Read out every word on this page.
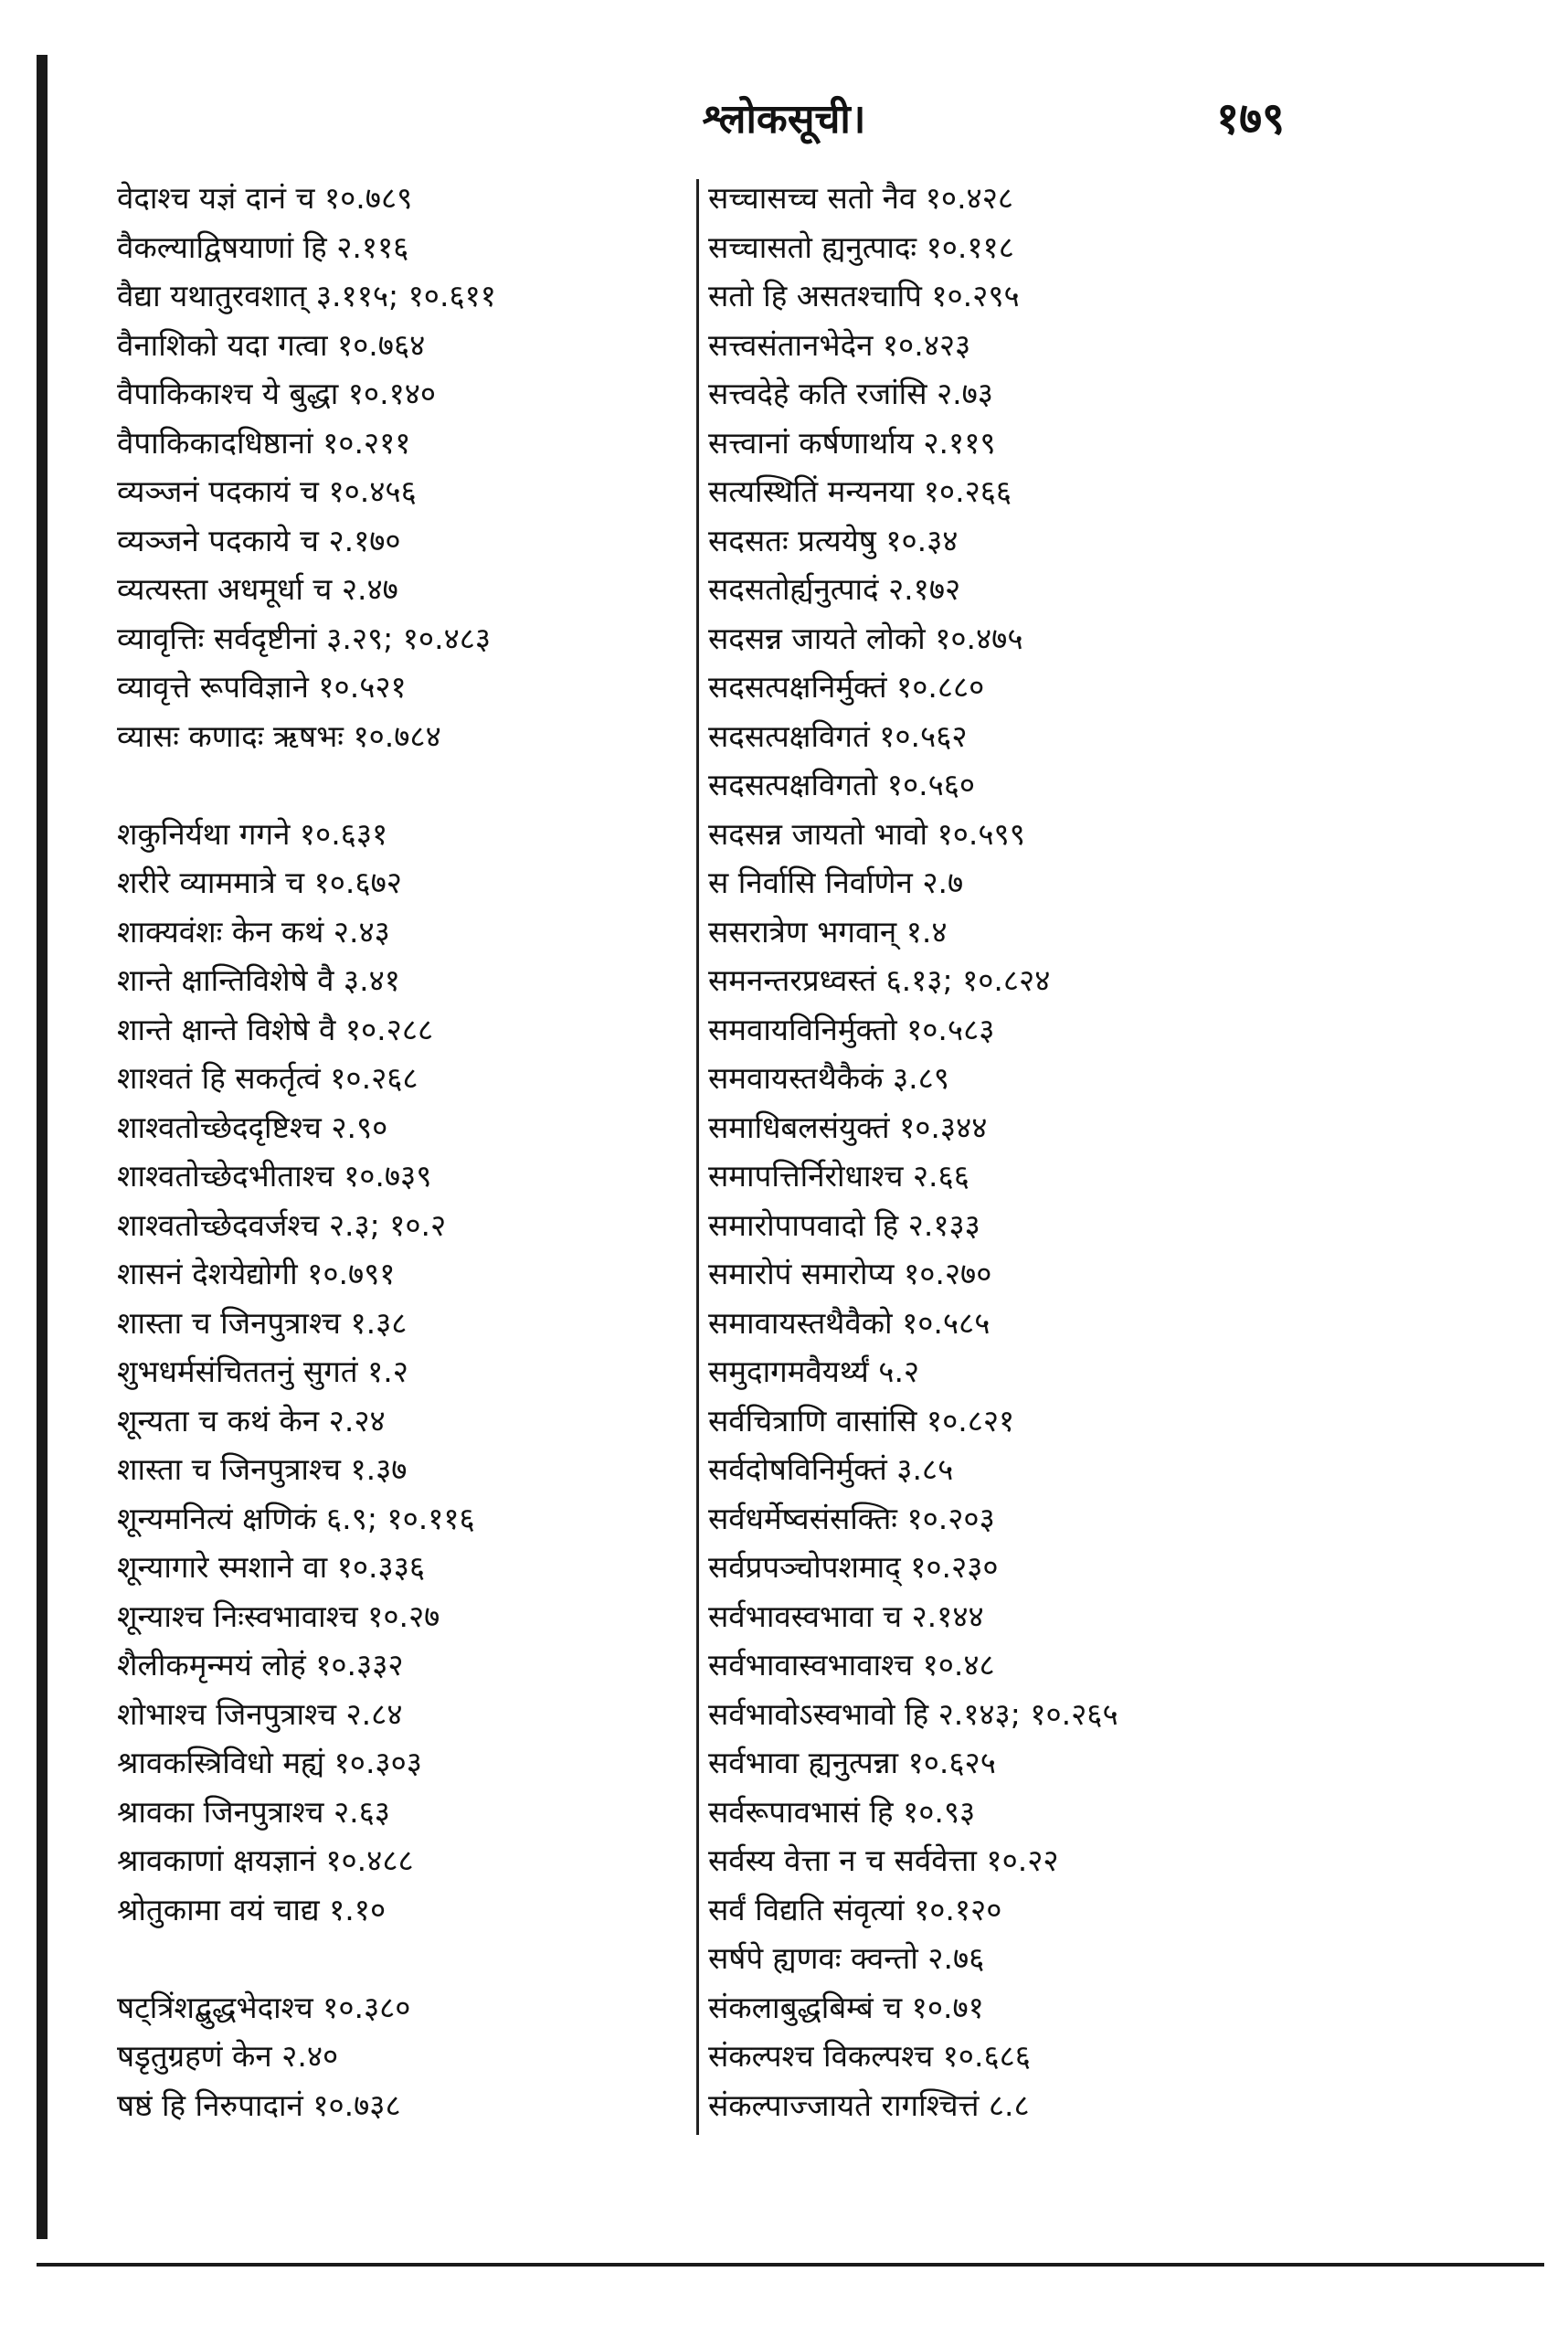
श्लोकसूची।	१७९
वेदाश्च यज्ञं दानं च १०.७८९
वैकल्याद्विषयाणां हि २.११६
वैद्या यथातुरवशात् ३.११५; १०.६११
वैनाशिको यदा गत्वा १०.७६४
वैपाकिकाश्च ये बुद्धा १०.१४०
वैपाकिकादधिष्ठानां १०.२११
व्यञ्जनं पदकायं च १०.४५६
व्यञ्जने पदकाये च २.१७०
व्यत्यस्ता अधमूर्धा च २.४७
व्यावृत्तिः सर्वदृष्टीनां ३.२९; १०.४८३
व्यावृत्ते रूपविज्ञाने १०.५२१
व्यासः कणादः ऋषभः १०.७८४
शकुनिर्यथा गगने १०.६३१
शरीरे व्याममात्रे च १०.६७२
शाक्यवंशः केन कथं २.४३
शान्ते क्षान्तिविशेषे वै ३.४१
शान्ते क्षान्ते विशेषे वै १०.२८८
शाश्वतं हि सकर्तृत्वं १०.२६८
शाश्वतोच्छेददृष्टिश्च २.९०
शाश्वतोच्छेदभीताश्च १०.७३९
शाश्वतोच्छेदवर्जश्च २.३; १०.२
शासनं देशयेद्योगी १०.७९१
शास्ता च जिनपुत्राश्च १.३८
शुभधर्मसंचिततनुं सुगतं १.२
शून्यता च कथं केन २.२४
शास्ता च जिनपुत्राश्च १.३७
शून्यमनित्यं क्षणिकं ६.९; १०.११६
शून्यागारे स्मशाने वा १०.३३६
शून्याश्च निःस्वभावाश्च १०.२७
शैलीकमृन्मयं लोहं १०.३३२
शोभाश्च जिनपुत्राश्च २.८४
श्रावकस्त्रिविधो मह्यं १०.३०३
श्रावका जिनपुत्राश्च २.६३
श्रावकाणां क्षयज्ञानं १०.४८८
श्रोतुकामा वयं चाद्य १.१०
षट्त्रिंशद्बुद्धभेदाश्च १०.३८०
षडृतुग्रहणं केन २.४०
षष्ठं हि निरुपादानं १०.७३८
सच्चासच्च सतो नैव १०.४२८
सच्चासतो ह्यनुत्पादः १०.११८
सतो हि असतश्चापि १०.२९५
सत्त्वसंतानभेदेन १०.४२३
सत्त्वदेहे कति रजांसि २.७३
सत्त्वानां कर्षणार्थाय २.११९
सत्यस्थितिं मन्यनया १०.२६६
सदसतः प्रत्ययेषु १०.३४
सदसतोर्ह्यनुत्पादं २.१७२
सदसन्न जायते लोको १०.४७५
सदसत्पक्षनिर्मुक्तं १०.८८०
सदसत्पक्षविगतं १०.५६२
सदसत्पक्षविगतो १०.५६०
सदसन्न जायतो भावो १०.५९९
स निर्वासि निर्वाणेन २.७
ससरात्रेण भगवान् १.४
समनन्तरप्रध्वस्तं ६.१३; १०.८२४
समवायविनिर्मुक्तो १०.५८३
समवायस्तथैकैकं ३.८९
समाधिबलसंयुक्तं १०.३४४
समापत्तिर्निरोधाश्च २.६६
समारोपापवादो हि २.१३३
समारोपं समारोप्य १०.२७०
समावायस्तथैवैको १०.५८५
समुदागमवैयर्थ्यं ५.२
सर्वचित्राणि वासांसि १०.८२१
सर्वदोषविनिर्मुक्तं ३.८५
सर्वधर्मेष्वसंसक्तिः १०.२०३
सर्वप्रपञ्चोपशमाद् १०.२३०
सर्वभावस्वभावा च २.१४४
सर्वभावास्वभावाश्च १०.४८
सर्वभावोऽस्वभावो हि २.१४३; १०.२६५
सर्वभावा ह्यनुत्पन्ना १०.६२५
सर्वरूपावभासं हि १०.९३
सर्वस्य वेत्ता न च सर्ववेत्ता १०.२२
सर्वं विद्यति संवृत्यां १०.१२०
सर्षपे ह्यणवः क्वन्तो २.७६
संकलाबुद्धबिम्बं च १०.७१
संकल्पश्च विकल्पश्च १०.६८६
संकल्पाज्जायते रागश्चित्तं ८.८
